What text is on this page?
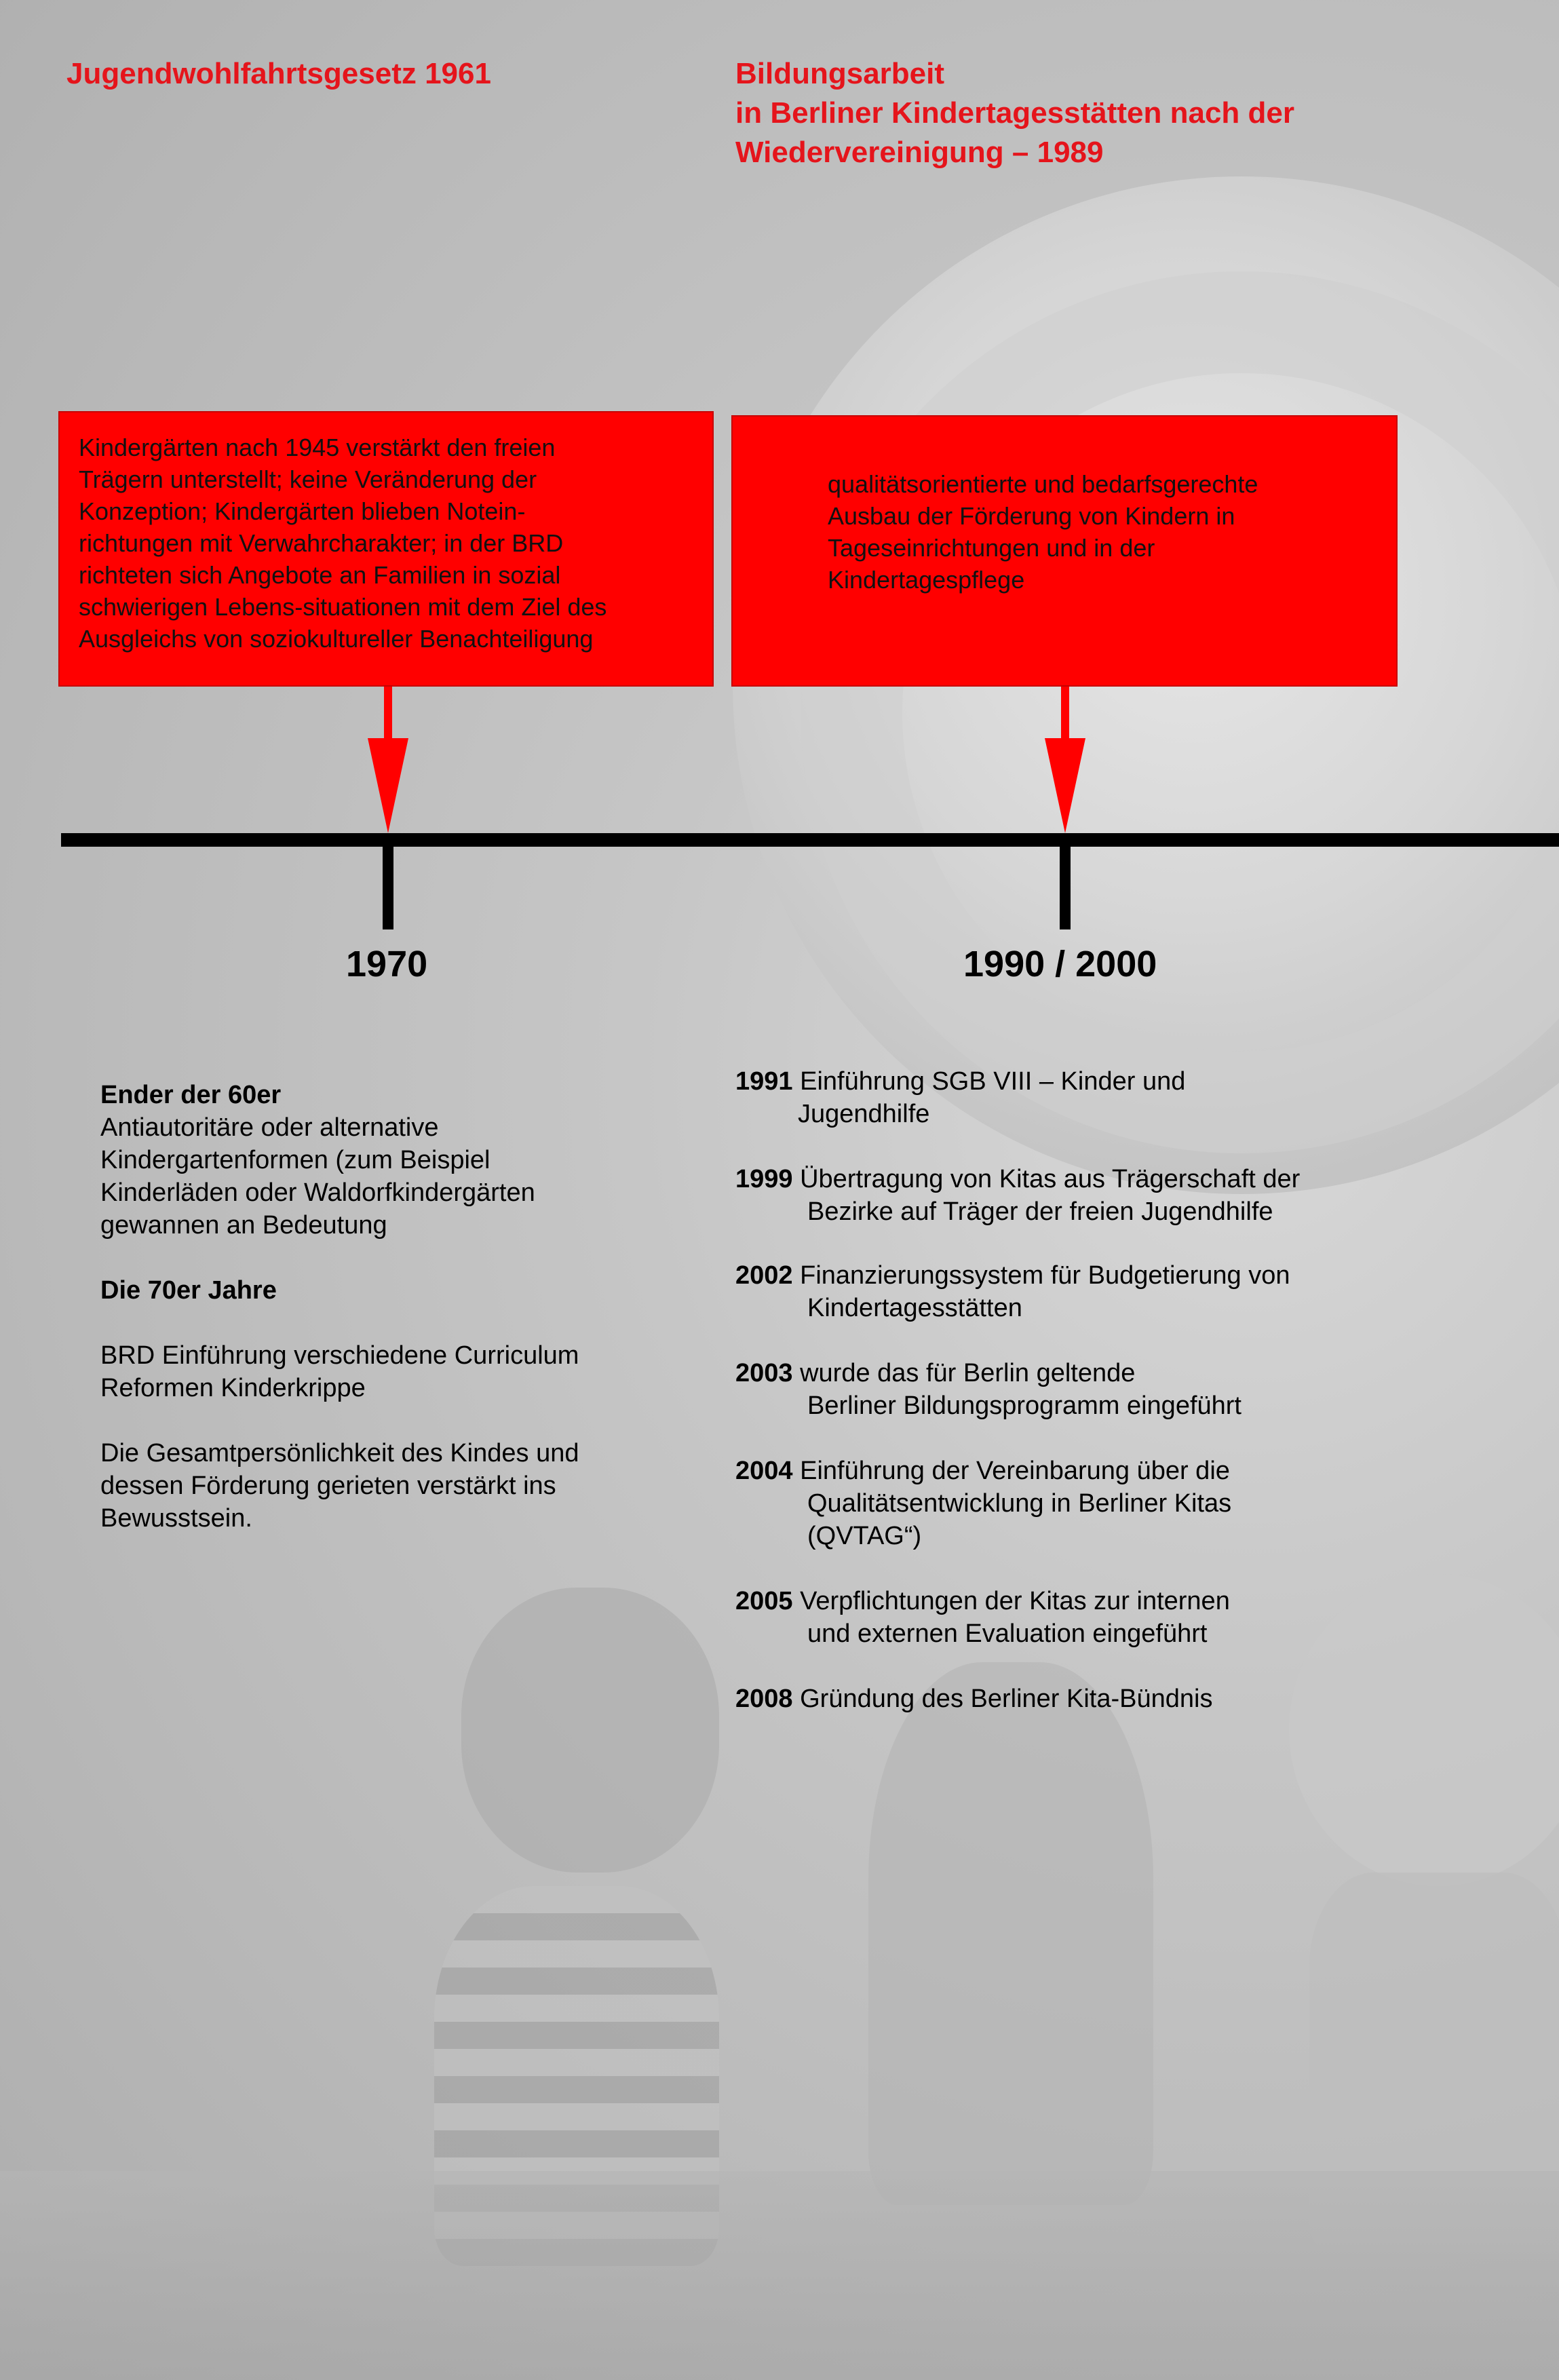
Jugendwohlfahrtsgesetz 1961	Bildungsarbeit
in Berliner Kindertagesstätten nach der
Wiedervereinigung – 1989
Kindergärten nach 1945 verstärkt den freien
Trägern unterstellt; keine Veränderung der
Konzeption; Kindergärten blieben Notein-
richtungen mit Verwahrcharakter; in der BRD
richteten sich Angebote an Familien in sozial
schwierigen Lebens-situationen mit dem Ziel des
Ausgleichs von soziokultureller Benachteiligung
qualitätsorientierte und bedarfsgerechte
Ausbau der Förderung von Kindern in
Tageseinrichtungen und in der
Kindertagespflege
1970	1990 / 2000
Ender der 60er
Antiautoritäre oder alternative
Kindergartenformen (zum Beispiel
Kinderläden oder Waldorfkindergärten
gewannen an Bedeutung
Die 70er Jahre
BRD Einführung verschiedene Curriculum
Reformen Kinderkrippe
Die Gesamtpersönlichkeit des Kindes und
dessen Förderung gerieten verstärkt ins
Bewusstsein.
1991 Einführung SGB VIII – Kinder und
Jugendhilfe
1999 Übertragung von Kitas aus Trägerschaft der
Bezirke auf Träger der freien Jugendhilfe
2002 Finanzierungssystem für Budgetierung von
Kindertagesstätten
2003 wurde das für Berlin geltende
Berliner Bildungsprogramm eingeführt
2004 Einführung der Vereinbarung über die
Qualitätsentwicklung in Berliner Kitas
(QVTAG“)
2005 Verpflichtungen der Kitas zur internen
und externen Evaluation eingeführt
2008 Gründung des Berliner Kita-Bündnis
